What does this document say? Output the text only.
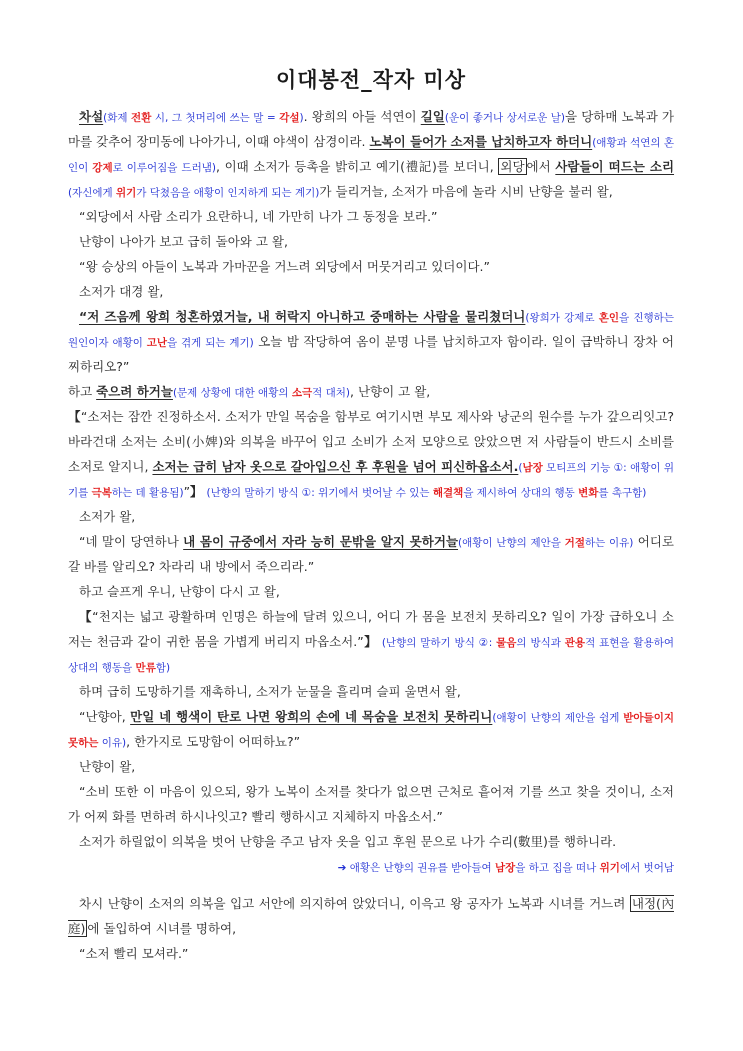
이대봉전_작자 미상

차설(화제 전환 시, 그 첫머리에 쓰는 말 = 각설). 왕희의 아들 석연이 길일(운이 좋거나 상서로운 날)을 당하매 노복과 가마를 갖추어 장미동에 나아가니, 이때 야색이 삼경이라. 노복이 들어가 소저를 납치하고자 하더니(애황과 석연의 혼인이 강제로 이루어짐을 드러냄), 이때 소저가 등촉을 밝히고 예기(禮記)를 보더니, 외당 에서 사람들이 떠드는 소리(자신에게 위기가 닥쳤음을 애황이 인지하게 되는 계기)가 들리거늘, 소저가 마음에 놀라 시비 난향을 불러 왈,

“외당에서 사람 소리가 요란하니, 네 가만히 나가 그 동정을 보라.”

난향이 나아가 보고 급히 돌아와 고 왈,

“왕 승상의 아들이 노복과 가마꾼을 거느려 외당에서 머뭇거리고 있더이다.”

소저가 대경 왈,

“저 즈음께 왕희 청혼하였거늘, 내 허락지 아니하고 중매하는 사람을 물리쳤더니(왕희가 강제로 혼인을 진행하는 원인이자 애황이 고난을 겪게 되는 계기) 오늘 밤 작당하여 옴이 분명 나를 납치하고자 함이라. 일이 급박하니 장차 어찌하리오?”

하고 죽으려 하거늘(문제 상황에 대한 애황의 소극적 대처), 난향이 고 왈,

【“소저는 잠깐 진정하소서. 소저가 만일 목숨을 함부로 여기시면 부모 제사와 낭군의 원수를 누가 갚으리잇고? 바라건대 소저는 소비(小婢)와 의복을 바꾸어 입고 소비가 소저 모양으로 앉았으면 저 사람들이 반드시 소비를 소저로 알지니, 소저는 급히 남자 옷으로 갈아입으신 후 후원을 넘어 피신하옵소서.(남장 모티프의 기능 ①: 애황이 위기를 극복하는 데 활용됨)”】 (난향의 말하기 방식 ①: 위기에서 벗어날 수 있는 해결책을 제시하여 상대의 행동 변화를 촉구함)

소저가 왈,

“네 말이 당연하나 내 몸이 규중에서 자라 능히 문밖을 알지 못하거늘(애황이 난향의 제안을 거절하는 이유) 어디로 갈 바를 알리오? 차라리 내 방에서 죽으리라.”

하고 슬프게 우니, 난향이 다시 고 왈,

【“천지는 넓고 광활하며 인명은 하늘에 달려 있으니, 어디 가 몸을 보전치 못하리오? 일이 가장 급하오니 소저는 천금과 같이 귀한 몸을 가볍게 버리지 마옵소서.”】 (난향의 말하기 방식 ②: 물음의 방식과 관용적 표현을 활용하여 상대의 행동을 만류함)

하며 급히 도망하기를 재촉하니, 소저가 눈물을 흘리며 슬피 울면서 왈,

“난향아, 만일 네 행색이 탄로 나면 왕희의 손에 네 목숨을 보전치 못하리니(애황이 난향의 제안을 쉽게 받아들이지 못하는 이유), 한가지로 도망함이 어떠하뇨?”

난향이 왈,

“소비 또한 이 마음이 있으되, 왕가 노복이 소저를 찾다가 없으면 근처로 흩어져 기를 쓰고 찾을 것이니, 소저가 어찌 화를 면하려 하시나잇고? 빨리 행하시고 지체하지 마옵소서.”

소저가 하릴없이 의복을 벗어 난향을 주고 남자 옷을 입고 후원 문으로 나가 수리(數里)를 행하니라.

➔ 애황은 난향의 권유를 받아들여 남장을 하고 집을 떠나 위기에서 벗어남

차시 난향이 소저의 의복을 입고 서안에 의지하여 앉았더니, 이윽고 왕 공자가 노복과 시녀를 거느려 내정(內庭) 에 돌입하여 시녀를 명하여,

“소저 빨리 모셔라.”
